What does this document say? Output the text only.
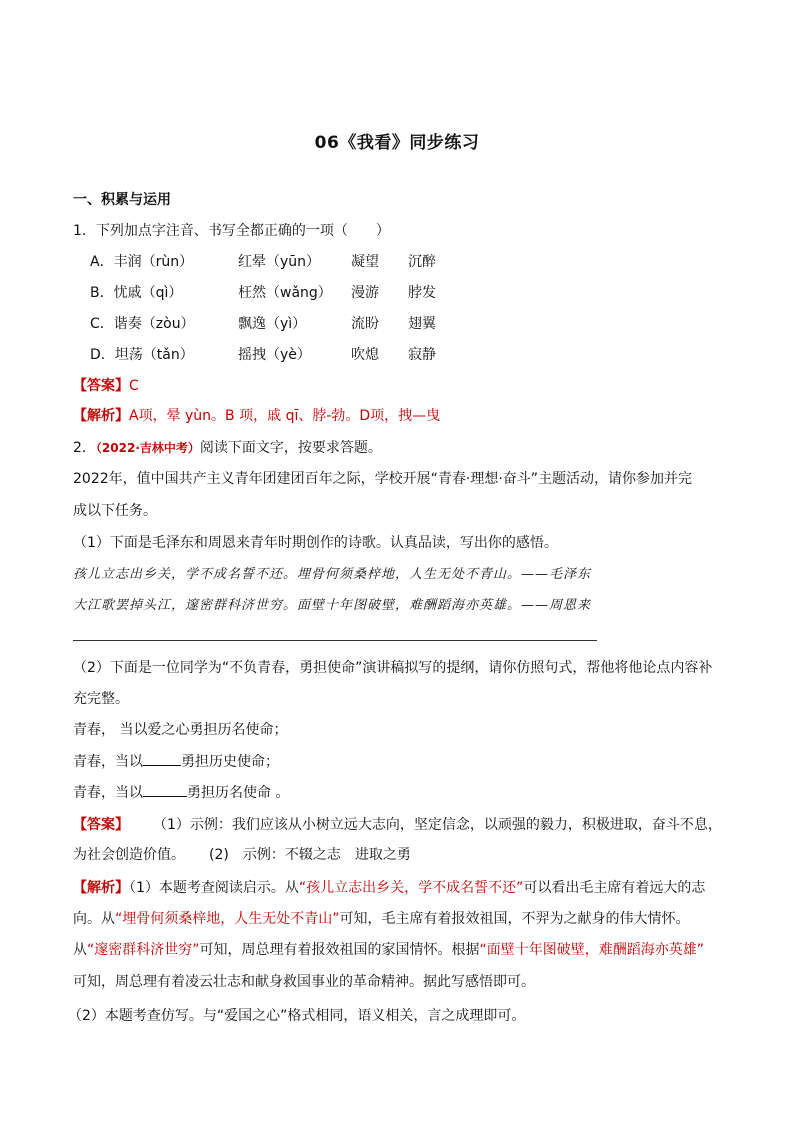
06《我看》同步练习
一、积累与运用
1．下列加点字注音、书写全都正确的一项（　　）
A．丰润（rùn）	红晕（yūn） 凝望 沉醉
B．忧戚（qì）	枉然（wǎng） 漫游 脖发
C．谐奏（zòu）	飘逸（yì）	流盼 翅翼
D．坦荡（tǎn）	摇拽（yè）	吹熄 寂静
【答案】C
【解析】A项，晕 yùn。B 项，戚 qī、脖-勃。D项，拽—曳
2．（2022·吉林中考）阅读下面文字，按要求答题。
2022年，值中国共产主义青年团建团百年之际，学校开展“青春·理想·奋斗”主题活动，请你参加并完
成以下任务。
（1）下面是毛泽东和周恩来青年时期创作的诗歌。认真品读，写出你的感悟。
孩儿立志出乡关，学不成名誓不还。埋骨何须桑梓地，人生无处不青山。——毛泽东
大江歌罢掉头江，邃密群科济世穷。面壁十年图破壁，难酬蹈海亦英雄。——周恩来
（2）下面是一位同学为“不负青春，勇担使命”演讲稿拟写的提纲，请你仿照句式，帮他将他论点内容补
充完整。
青春， 当以爱之心勇担历名使命；
青春，当以	勇担历史使命；
青春，当以	勇担历名使命 。
【答案】 （1）示例：我们应该从小树立远大志向，坚定信念，以顽强的毅力，积极进取，奋斗不息，
为社会创造价值。 (2)　示例：不辍之志　进取之勇
【解析】（1）本题考查阅读启示。从“孩儿立志出乡关，学不成名誓不还”可以看出毛主席有着远大的志
向。从“埋骨何须桑梓地，人生无处不青山”可知，毛主席有着报效祖国，不羿为之献身的伟大情怀。
从“邃密群科济世穷”可知，周总理有着报效祖国的家国情怀。根据“面壁十年图破壁，难酬蹈海亦英雄”
可知，周总理有着凌云壮志和献身救国事业的革命精神。据此写感悟即可。
（2）本题考查仿写。与“爱国之心”格式相同，语义相关，言之成理即可。
